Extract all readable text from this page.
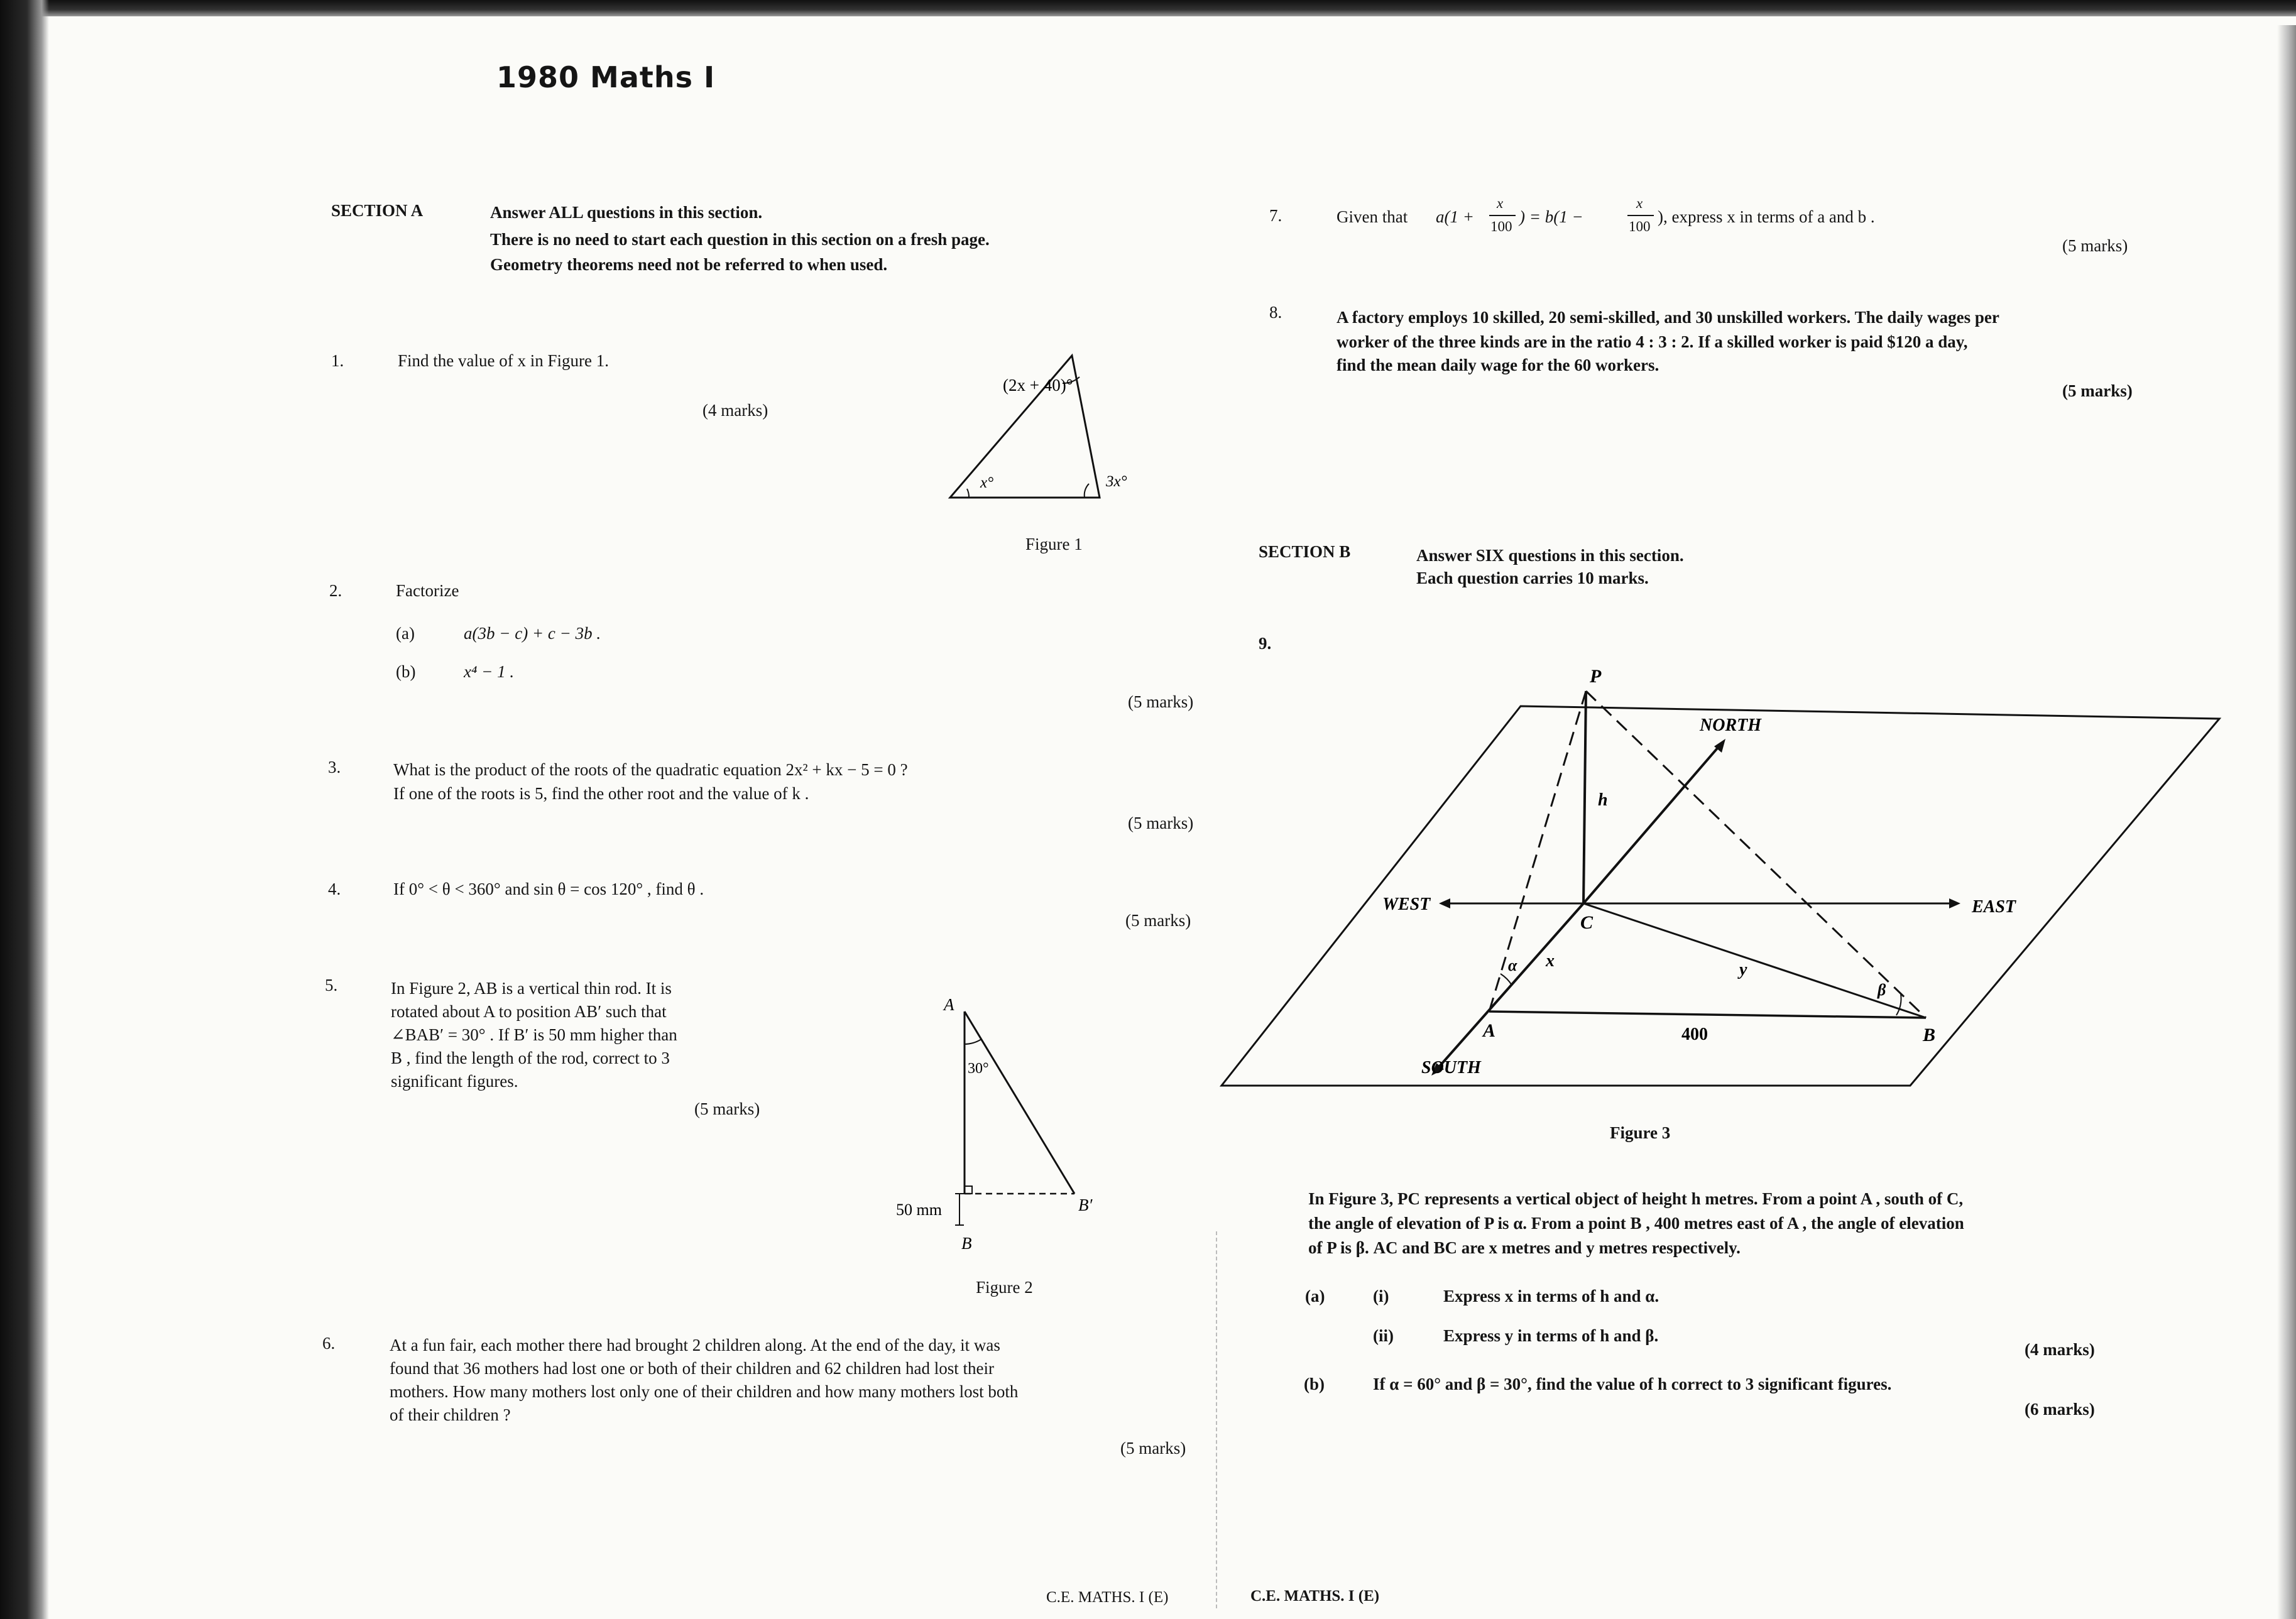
1980 Maths I
SECTION A	Answer ALL questions in this section.
There is no need to start each question in this section on a fresh page.
Geometry theorems need not be referred to when used.
1.	Find the value of x in Figure 1.
(4 marks)
(2x + 40)°
x°	3x°
Figure 1
2.	Factorize
(a)	a(3b − c) + c − 3b .
(b)	x⁴ − 1 .
(5 marks)
3.	What is the product of the roots of the quadratic equation 2x² + kx − 5 = 0 ?
If one of the roots is 5, find the other root and the value of k .
(5 marks)
4.	If 0° < θ < 360° and sin θ = cos 120° , find θ .
(5 marks)
5.	In Figure 2, AB is a vertical thin rod. It is
rotated about A to position AB′ such that
∠BAB′ = 30° . If B′ is 50 mm higher than
B , find the length of the rod, correct to 3
significant figures.
(5 marks)
A
30°
B′
50 mm
B
Figure 2
6.	At a fun fair, each mother there had brought 2 children along. At the end of the day, it was
found that 36 mothers had lost one or both of their children and 62 children had lost their
mothers. How many mothers lost only one of their children and how many mothers lost both
of their children ?
(5 marks)
C.E. MATHS. I (E)	C.E. MATHS. I (E)
7.	Given that a(1 +
x
100
) = b(1 −
x
100
), express x in terms of a and b .
(5 marks)
8.	A factory employs 10 skilled, 20 semi-skilled, and 30 unskilled workers. The daily wages per
worker of the three kinds are in the ratio 4 : 3 : 2. If a skilled worker is paid $120 a day,
find the mean daily wage for the 60 workers.
(5 marks)
SECTION B	Answer SIX questions in this section.
Each question carries 10 marks.
9.
P
NORTH
h
WEST	EAST
C
x	y
α
β
A	B
400
SOUTH
Figure 3
In Figure 3, PC represents a vertical object of height h metres. From a point A , south of C,
the angle of elevation of P is α. From a point B , 400 metres east of A , the angle of elevation
of P is β. AC and BC are x metres and y metres respectively.
(a)	(i)	Express x in terms of h and α.
(ii)	Express y in terms of h and β.
(4 marks)
(b)	If α = 60° and β = 30°, find the value of h correct to 3 significant figures.
(6 marks)
